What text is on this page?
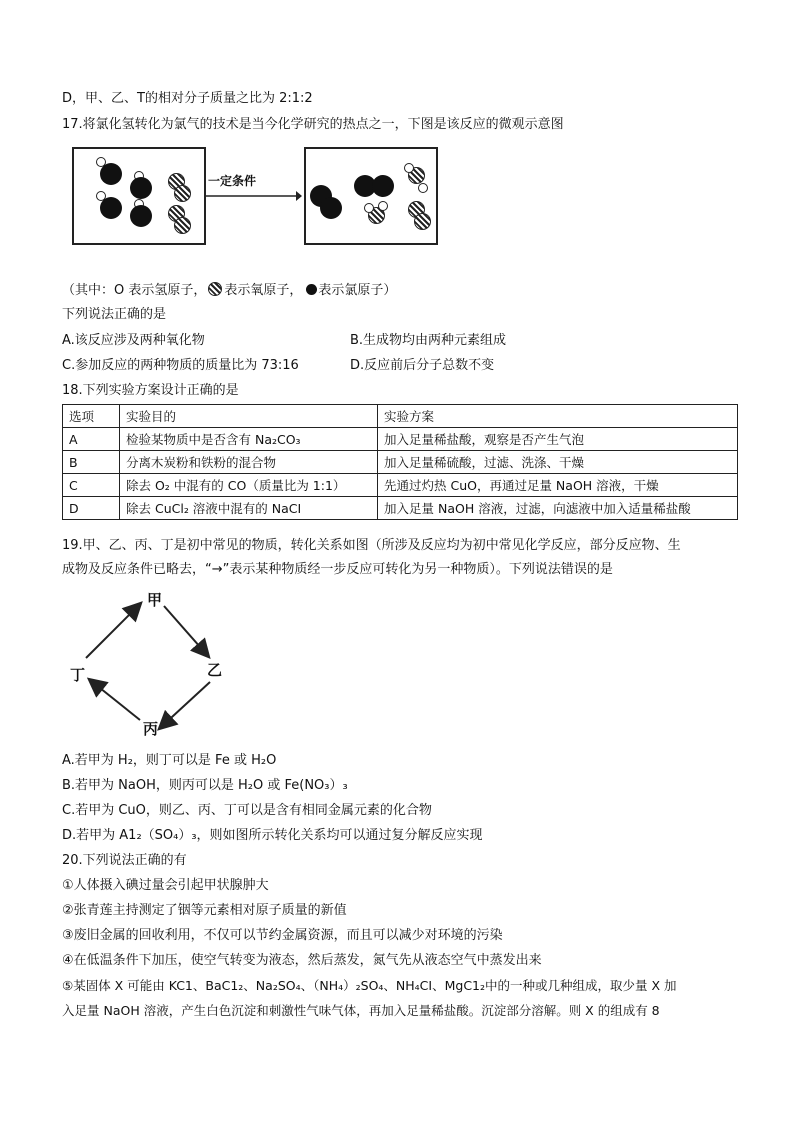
D，甲、乙、T的相对分子质量之比为 2:1:2
17.将氯化氢转化为氯气的技术是当今化学研究的热点之一，下图是该反应的微观示意图
一定条件
（其中：O 表示氢原子， 表示氧原子， 表示氯原子）
下列说法正确的是
A.该反应涉及两种氧化物	B.生成物均由两种元素组成
C.参加反应的两种物质的质量比为 73:16	D.反应前后分子总数不变
18.下列实验方案设计正确的是
选项	实验目的	实验方案
A	检验某物质中是否含有 Na₂CO₃	加入足量稀盐酸，观察是否产生气泡
B	分离木炭粉和铁粉的混合物	加入足量稀硫酸，过滤、洗涤、干燥
C	除去 O₂ 中混有的 CO（质量比为 1:1）	先通过灼热 CuO，再通过足量 NaOH 溶液，干燥
D	除去 CuCl₂ 溶液中混有的 NaCI	加入足量 NaOH 溶液，过滤，向滤液中加入适量稀盐酸
19.甲、乙、丙、丁是初中常见的物质，转化关系如图（所涉及反应均为初中常见化学反应，部分反应物、生
成物及反应条件已略去，“→”表示某种物质经一步反应可转化为另一种物质）。下列说法错误的是
甲
乙
丙
丁
A.若甲为 H₂，则丁可以是 Fe 或 H₂O
B.若甲为 NaOH，则丙可以是 H₂O 或 Fe(NO₃）₃
C.若甲为 CuO，则乙、丙、丁可以是含有相同金属元素的化合物
D.若甲为 A1₂（SO₄）₃，则如图所示转化关系均可以通过复分解反应实现
20.下列说法正确的有
①人体摄入碘过量会引起甲状腺肿大
②张青莲主持测定了铟等元素相对原子质量的新值
③废旧金属的回收利用，不仅可以节约金属资源，而且可以减少对环境的污染
④在低温条件下加压，使空气转变为液态，然后蒸发，氮气先从液态空气中蒸发出来
⑤某固体 X 可能由 KC1、BaC1₂、Na₂SO₄、（NH₄）₂SO₄、NH₄CI、MgC1₂中的一种或几种组成，取少量 X 加
入足量 NaOH 溶液，产生白色沉淀和刺激性气味气体，再加入足量稀盐酸。沉淀部分溶解。则 X 的组成有 8
